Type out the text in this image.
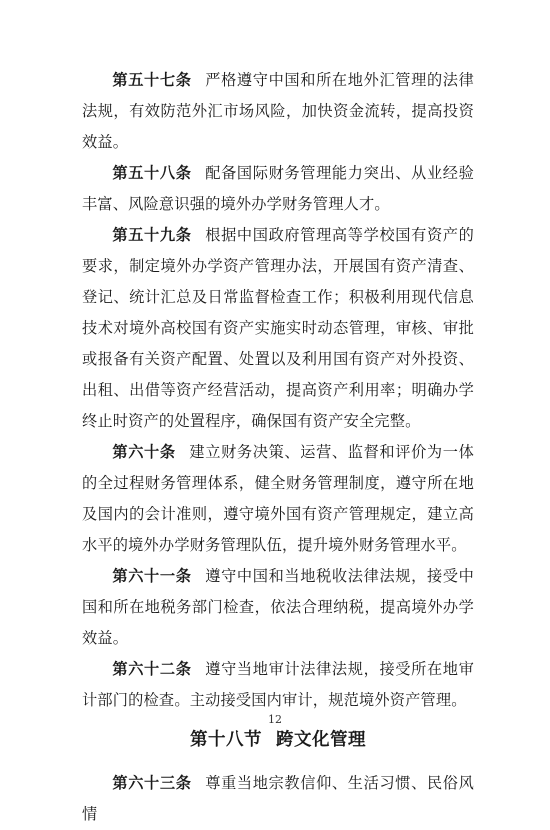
第五十七条 严格遵守中国和所在地外汇管理的法律法规，有效防范外汇市场风险，加快资金流转，提高投资效益。

第五十八条 配备国际财务管理能力突出、从业经验丰富、风险意识强的境外办学财务管理人才。

第五十九条 根据中国政府管理高等学校国有资产的要求，制定境外办学资产管理办法，开展国有资产清查、登记、统计汇总及日常监督检查工作；积极利用现代信息技术对境外高校国有资产实施实时动态管理，审核、审批或报备有关资产配置、处置以及利用国有资产对外投资、出租、出借等资产经营活动，提高资产利用率；明确办学终止时资产的处置程序，确保国有资产安全完整。

第六十条 建立财务决策、运营、监督和评价为一体的全过程财务管理体系，健全财务管理制度，遵守所在地及国内的会计准则，遵守境外国有资产管理规定，建立高水平的境外办学财务管理队伍，提升境外财务管理水平。

第六十一条 遵守中国和当地税收法律法规，接受中国和所在地税务部门检查，依法合理纳税，提高境外办学效益。

第六十二条 遵守当地审计法律法规，接受所在地审计部门的检查。主动接受国内审计，规范境外资产管理。

第十八节 跨文化管理

第六十三条 尊重当地宗教信仰、生活习惯、民俗风情

12
